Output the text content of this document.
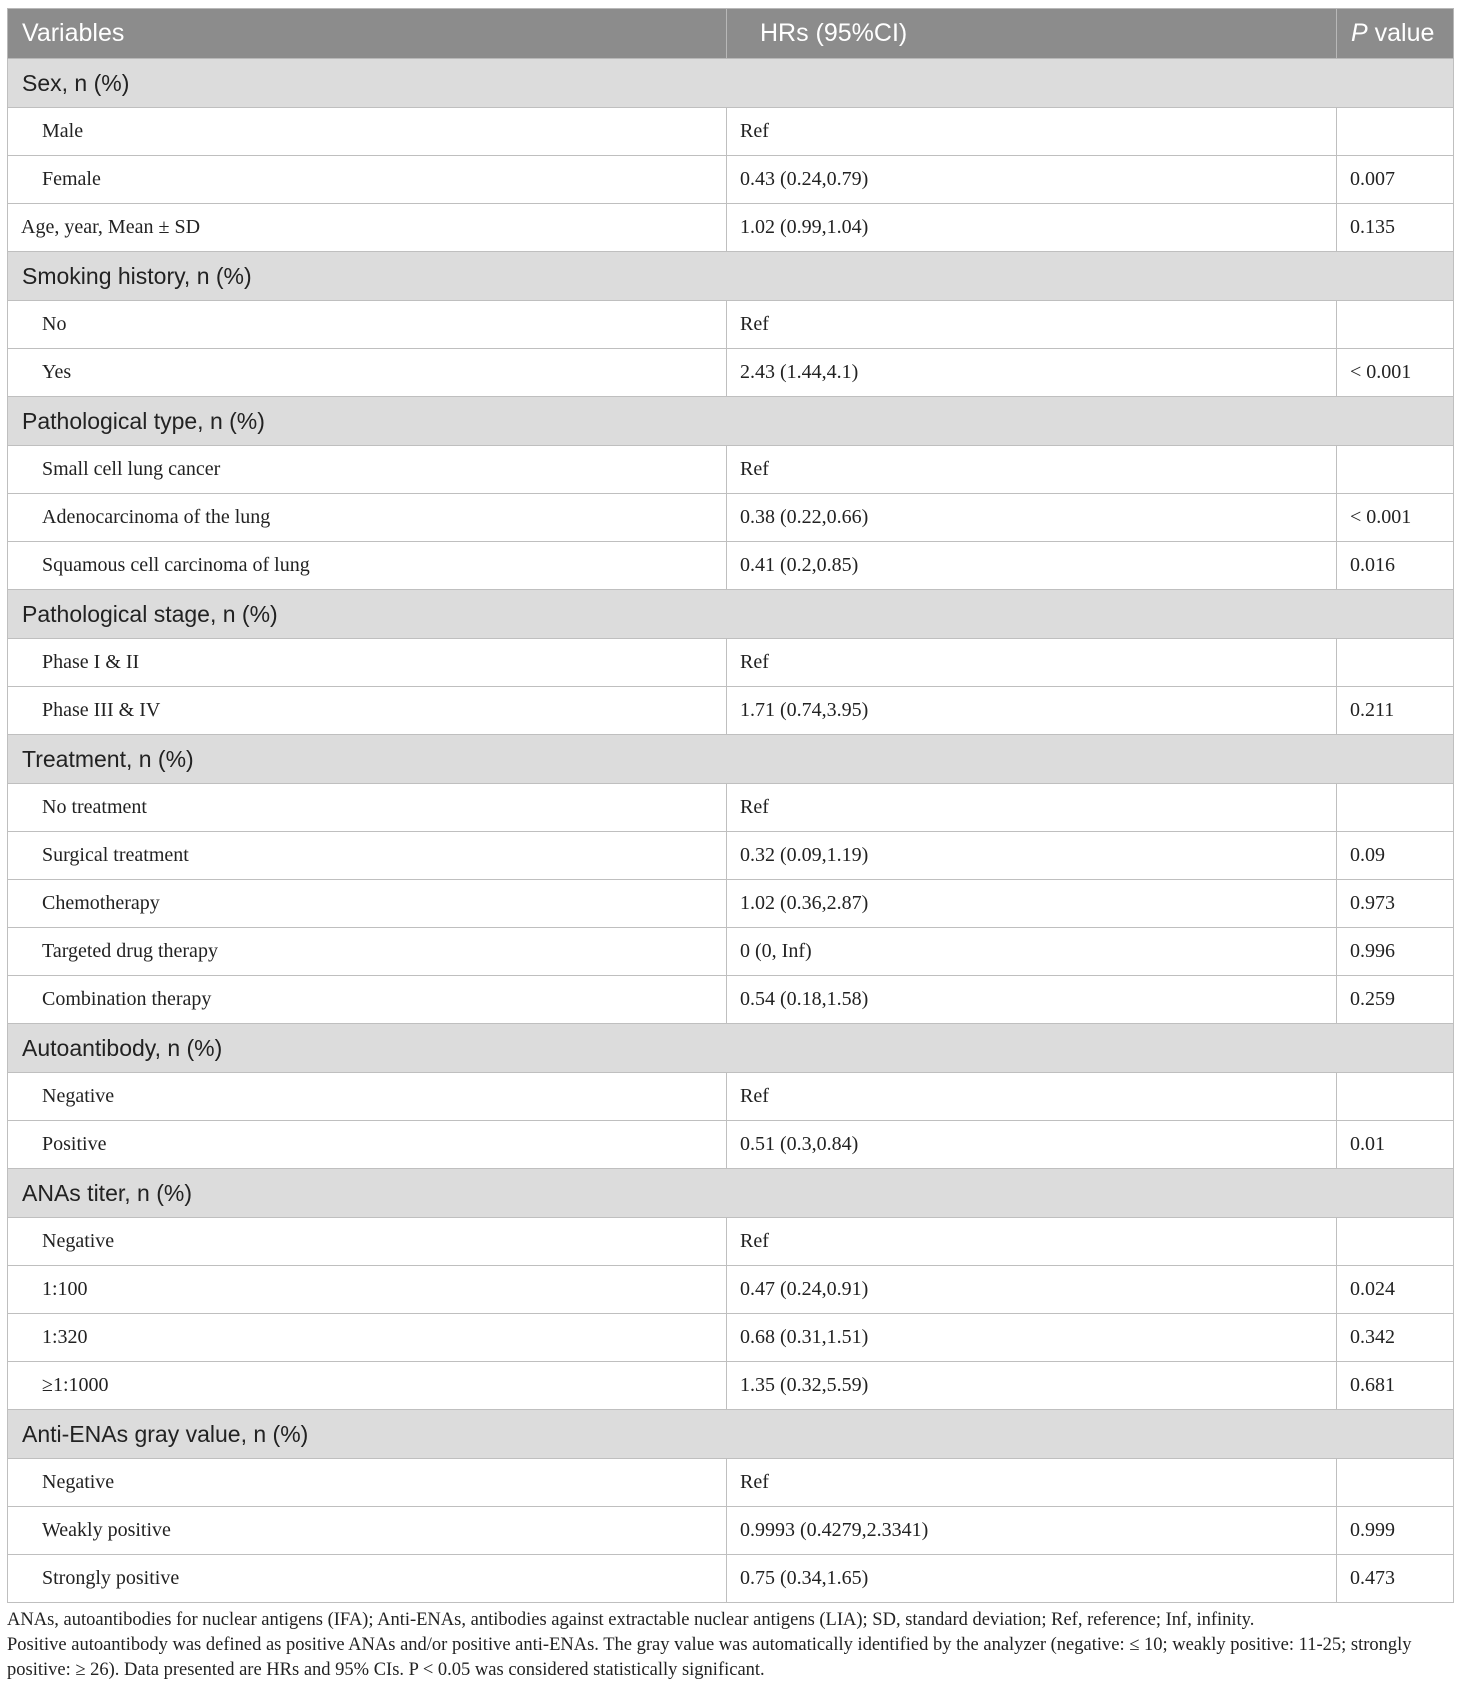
Variables	HRs (95%CI)	P value
Sex, n (%)		
Male	Ref	
Female	0.43 (0.24,0.79)	0.007
Age, year, Mean ± SD	1.02 (0.99,1.04)	0.135
Smoking history, n (%)		
No	Ref	
Yes	2.43 (1.44,4.1)	< 0.001
Pathological type, n (%)		
Small cell lung cancer	Ref	
Adenocarcinoma of the lung	0.38 (0.22,0.66)	< 0.001
Squamous cell carcinoma of lung	0.41 (0.2,0.85)	0.016
Pathological stage, n (%)		
Phase I & II	Ref	
Phase III & IV	1.71 (0.74,3.95)	0.211
Treatment, n (%)		
No treatment	Ref	
Surgical treatment	0.32 (0.09,1.19)	0.09
Chemotherapy	1.02 (0.36,2.87)	0.973
Targeted drug therapy	0 (0, Inf)	0.996
Combination therapy	0.54 (0.18,1.58)	0.259
Autoantibody, n (%)		
Negative	Ref	
Positive	0.51 (0.3,0.84)	0.01
ANAs titer, n (%)		
Negative	Ref	
1:100	0.47 (0.24,0.91)	0.024
1:320	0.68 (0.31,1.51)	0.342
≥1:1000	1.35 (0.32,5.59)	0.681
Anti-ENAs gray value, n (%)		
Negative	Ref	
Weakly positive	0.9993 (0.4279,2.3341)	0.999
Strongly positive	0.75 (0.34,1.65)	0.473

ANAs, autoantibodies for nuclear antigens (IFA); Anti-ENAs, antibodies against extractable nuclear antigens (LIA); SD, standard deviation; Ref, reference; Inf, infinity.

Positive autoantibody was defined as positive ANAs and/or positive anti-ENAs. The gray value was automatically identified by the analyzer (negative: ≤ 10; weakly positive: 11-25; strongly positive: ≥ 26). Data presented are HRs and 95% CIs. P < 0.05 was considered statistically significant.
